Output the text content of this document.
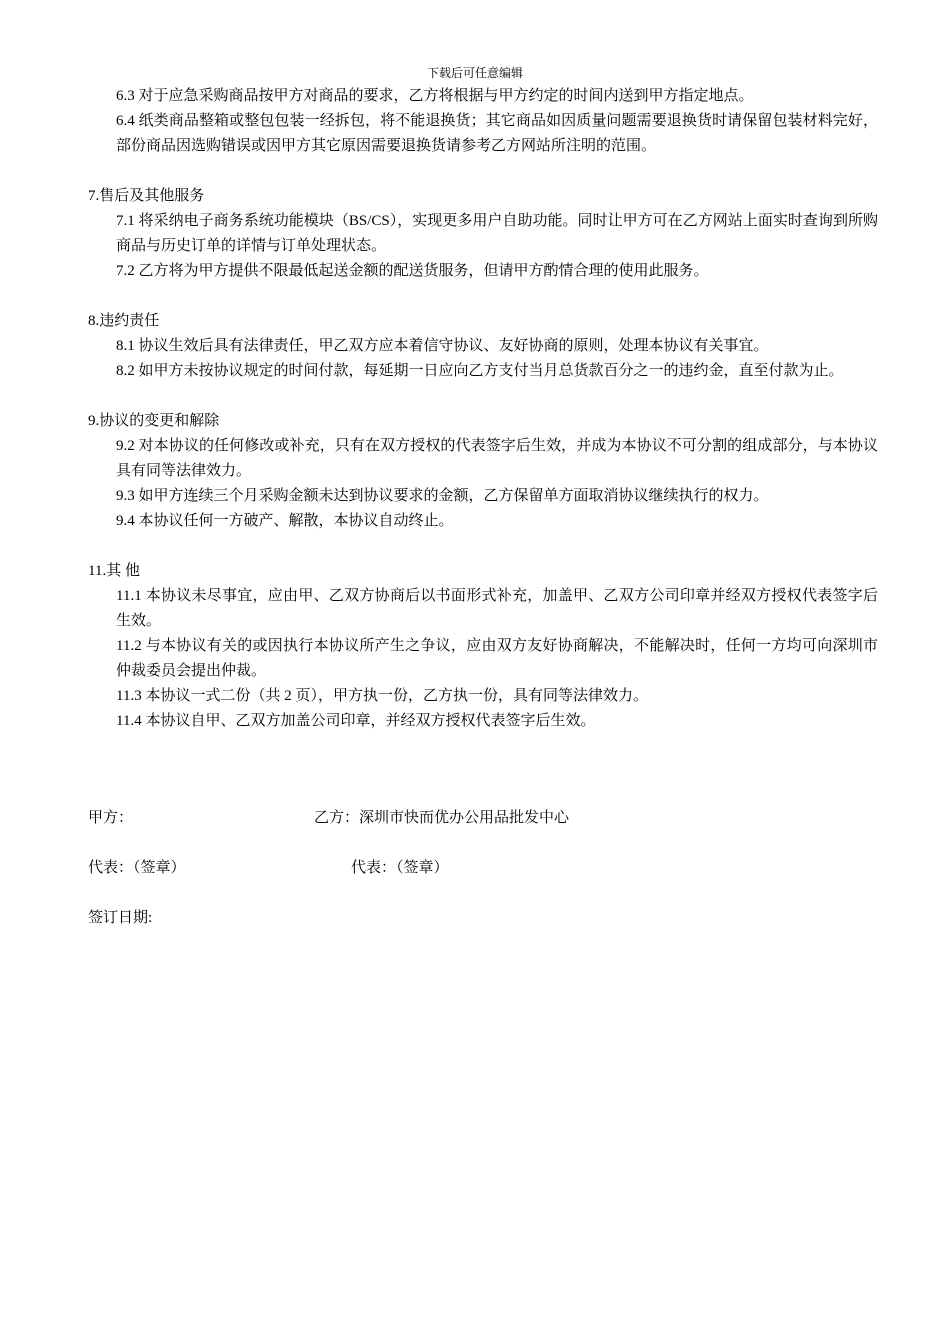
下载后可任意编辑

6.3 对于应急采购商品按甲方对商品的要求，乙方将根据与甲方约定的时间内送到甲方指定地点。

6.4 纸类商品整箱或整包包装一经拆包，将不能退换货；其它商品如因质量问题需要退换货时请保留包装材料完好，部份商品因选购错误或因甲方其它原因需要退换货请参考乙方网站所注明的范围。

7.售后及其他服务

7.1 将采纳电子商务系统功能模块（BS/CS），实现更多用户自助功能。同时让甲方可在乙方网站上面实时查询到所购商品与历史订单的详情与订单处理状态。

7.2 乙方将为甲方提供不限最低起送金额的配送货服务，但请甲方酌情合理的使用此服务。

8.违约责任

8.1 协议生效后具有法律责任，甲乙双方应本着信守协议、友好协商的原则，处理本协议有关事宜。

8.2 如甲方未按协议规定的时间付款，每延期一日应向乙方支付当月总货款百分之一的违约金，直至付款为止。

9.协议的变更和解除

9.2 对本协议的任何修改或补充，只有在双方授权的代表签字后生效，并成为本协议不可分割的组成部分，与本协议具有同等法律效力。

9.3 如甲方连续三个月采购金额未达到协议要求的金额，乙方保留单方面取消协议继续执行的权力。

9.4 本协议任何一方破产、解散，本协议自动终止。

11.其 他

11.1 本协议未尽事宜，应由甲、乙双方协商后以书面形式补充，加盖甲、乙双方公司印章并经双方授权代表签字后生效。

11.2 与本协议有关的或因执行本协议所产生之争议，应由双方友好协商解决，不能解决时，任何一方均可向深圳市仲裁委员会提出仲裁。

11.3 本协议一式二份（共 2 页），甲方执一份，乙方执一份，具有同等法律效力。

11.4 本协议自甲、乙双方加盖公司印章，并经双方授权代表签字后生效。

甲方：	乙方：深圳市快而优办公用品批发中心
代表：（签章）	代表：（签章）
签订日期:
